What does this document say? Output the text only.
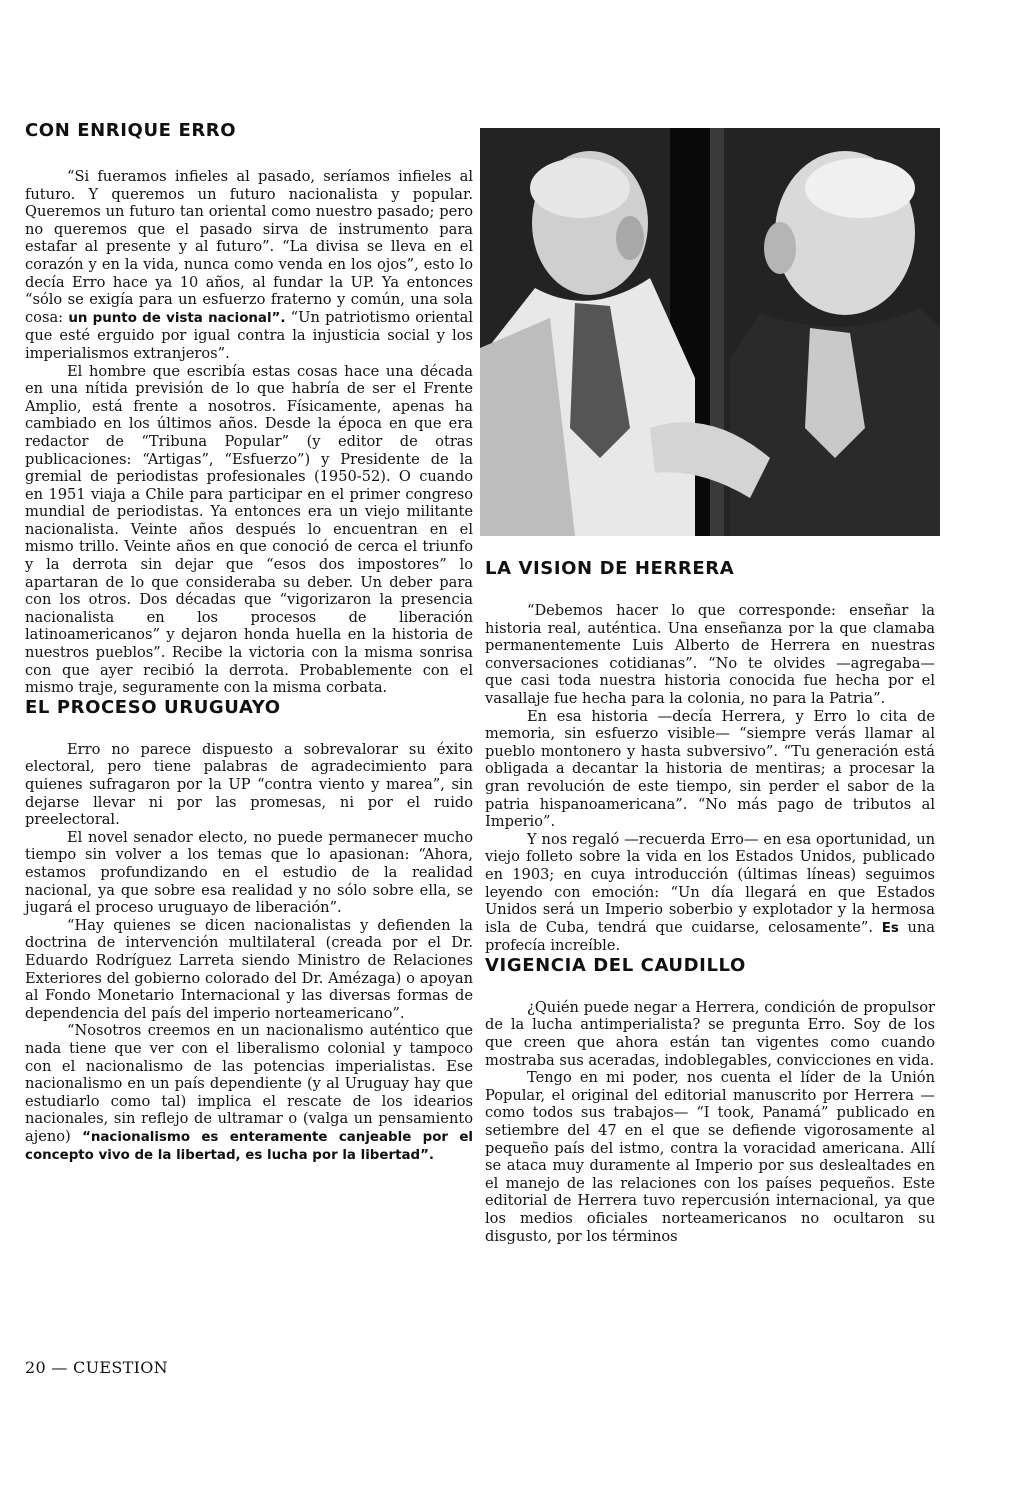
CON ENRIQUE ERRO

“Si fueramos infieles al pasado, seríamos infieles al futuro. Y queremos un futuro nacionalista y popular. Queremos un futuro tan oriental como nuestro pasado; pero no queremos que el pasado sirva de instrumento para estafar al presente y al futuro”. “La divisa se lleva en el corazón y en la vida, nunca como venda en los ojos”, esto lo decía Erro hace ya 10 años, al fundar la UP. Ya entonces “sólo se exigía para un esfuerzo fraterno y común, una sola cosa: un punto de vista nacional”. “Un patriotismo oriental que esté erguido por igual contra la injusticia social y los imperialismos extranjeros”.

El hombre que escribía estas cosas hace una década en una nítida previsión de lo que habría de ser el Frente Amplio, está frente a nosotros. Físicamente, apenas ha cambiado en los últimos años. Desde la época en que era redactor de “Tribuna Popular” (y editor de otras publicaciones: “Artigas”, “Esfuerzo”) y Presidente de la gremial de periodistas profesionales (1950-52). O cuando en 1951 viaja a Chile para participar en el primer congreso mundial de periodistas. Ya entonces era un viejo militante nacionalista. Veinte años después lo encuentran en el mismo trillo. Veinte años en que conoció de cerca el triunfo y la derrota sin dejar que “esos dos impostores” lo apartaran de lo que consideraba su deber. Un deber para con los otros. Dos décadas que “vigorizaron la presencia nacionalista en los procesos de liberación latinoamericanos” y dejaron honda huella en la historia de nuestros pueblos”. Recibe la victoria con la misma sonrisa con que ayer recibió la derrota. Probablemente con el mismo traje, seguramente con la misma corbata.

EL PROCESO URUGUAYO

Erro no parece dispuesto a sobrevalorar su éxito electoral, pero tiene palabras de agradecimiento para quienes sufragaron por la UP “contra viento y marea”, sin dejarse llevar ni por las promesas, ni por el ruido preelectoral.

El novel senador electo, no puede permanecer mucho tiempo sin volver a los temas que lo apasionan: “Ahora, estamos profundizando en el estudio de la realidad nacional, ya que sobre esa realidad y no sólo sobre ella, se jugará el proceso uruguayo de liberación”.

“Hay quienes se dicen nacionalistas y defienden la doctrina de intervención multilateral (creada por el Dr. Eduardo Rodríguez Larreta siendo Ministro de Relaciones Exteriores del gobierno colorado del Dr. Amézaga) o apoyan al Fondo Monetario Internacional y las diversas formas de dependencia del país del imperio norteamericano”.

“Nosotros creemos en un nacionalismo auténtico que nada tiene que ver con el liberalismo colonial y tampoco con el nacionalismo de las potencias imperialistas. Ese nacionalismo en un país dependiente (y al Uruguay hay que estudiarlo como tal) implica el rescate de los idearios nacionales, sin reflejo de ultramar o (valga un pensamiento ajeno) “nacionalismo es enteramente canjeable por el concepto vivo de la libertad, es lucha por la libertad”.

LA VISION DE HERRERA

“Debemos hacer lo que corresponde: enseñar la historia real, auténtica. Una enseñanza por la que clamaba permanentemente Luis Alberto de Herrera en nuestras conversaciones cotidianas”. “No te olvides —agregaba— que casi toda nuestra historia conocida fue hecha por el vasallaje fue hecha para la colonia, no para la Patria”.

En esa historia —decía Herrera, y Erro lo cita de memoria, sin esfuerzo visible— “siempre verás llamar al pueblo montonero y hasta subversivo”. “Tu generación está obligada a decantar la historia de mentiras; a procesar la gran revolución de este tiempo, sin perder el sabor de la patria hispanoamericana”. “No más pago de tributos al Imperio”.

Y nos regaló —recuerda Erro— en esa oportunidad, un viejo folleto sobre la vida en los Estados Unidos, publicado en 1903; en cuya introducción (últimas líneas) seguimos leyendo con emoción: “Un día llegará en que Estados Unidos será un Imperio soberbio y explotador y la hermosa isla de Cuba, tendrá que cuidarse, celosamente”. Es una profecía increíble.

VIGENCIA DEL CAUDILLO

¿Quién puede negar a Herrera, condición de propulsor de la lucha antimperialista? se pregunta Erro. Soy de los que creen que ahora están tan vigentes como cuando mostraba sus aceradas, indoblegables, convicciones en vida.

Tengo en mi poder, nos cuenta el líder de la Unión Popular, el original del editorial manuscrito por Herrera —como todos sus trabajos— “I took, Panamá” publicado en setiembre del 47 en el que se defiende vigorosamente al pequeño país del istmo, contra la voracidad americana. Allí se ataca muy duramente al Imperio por sus deslealtades en el manejo de las relaciones con los países pequeños. Este editorial de Herrera tuvo repercusión internacional, ya que los medios oficiales norteamericanos no ocultaron su disgusto, por los términos

20 — CUESTION
